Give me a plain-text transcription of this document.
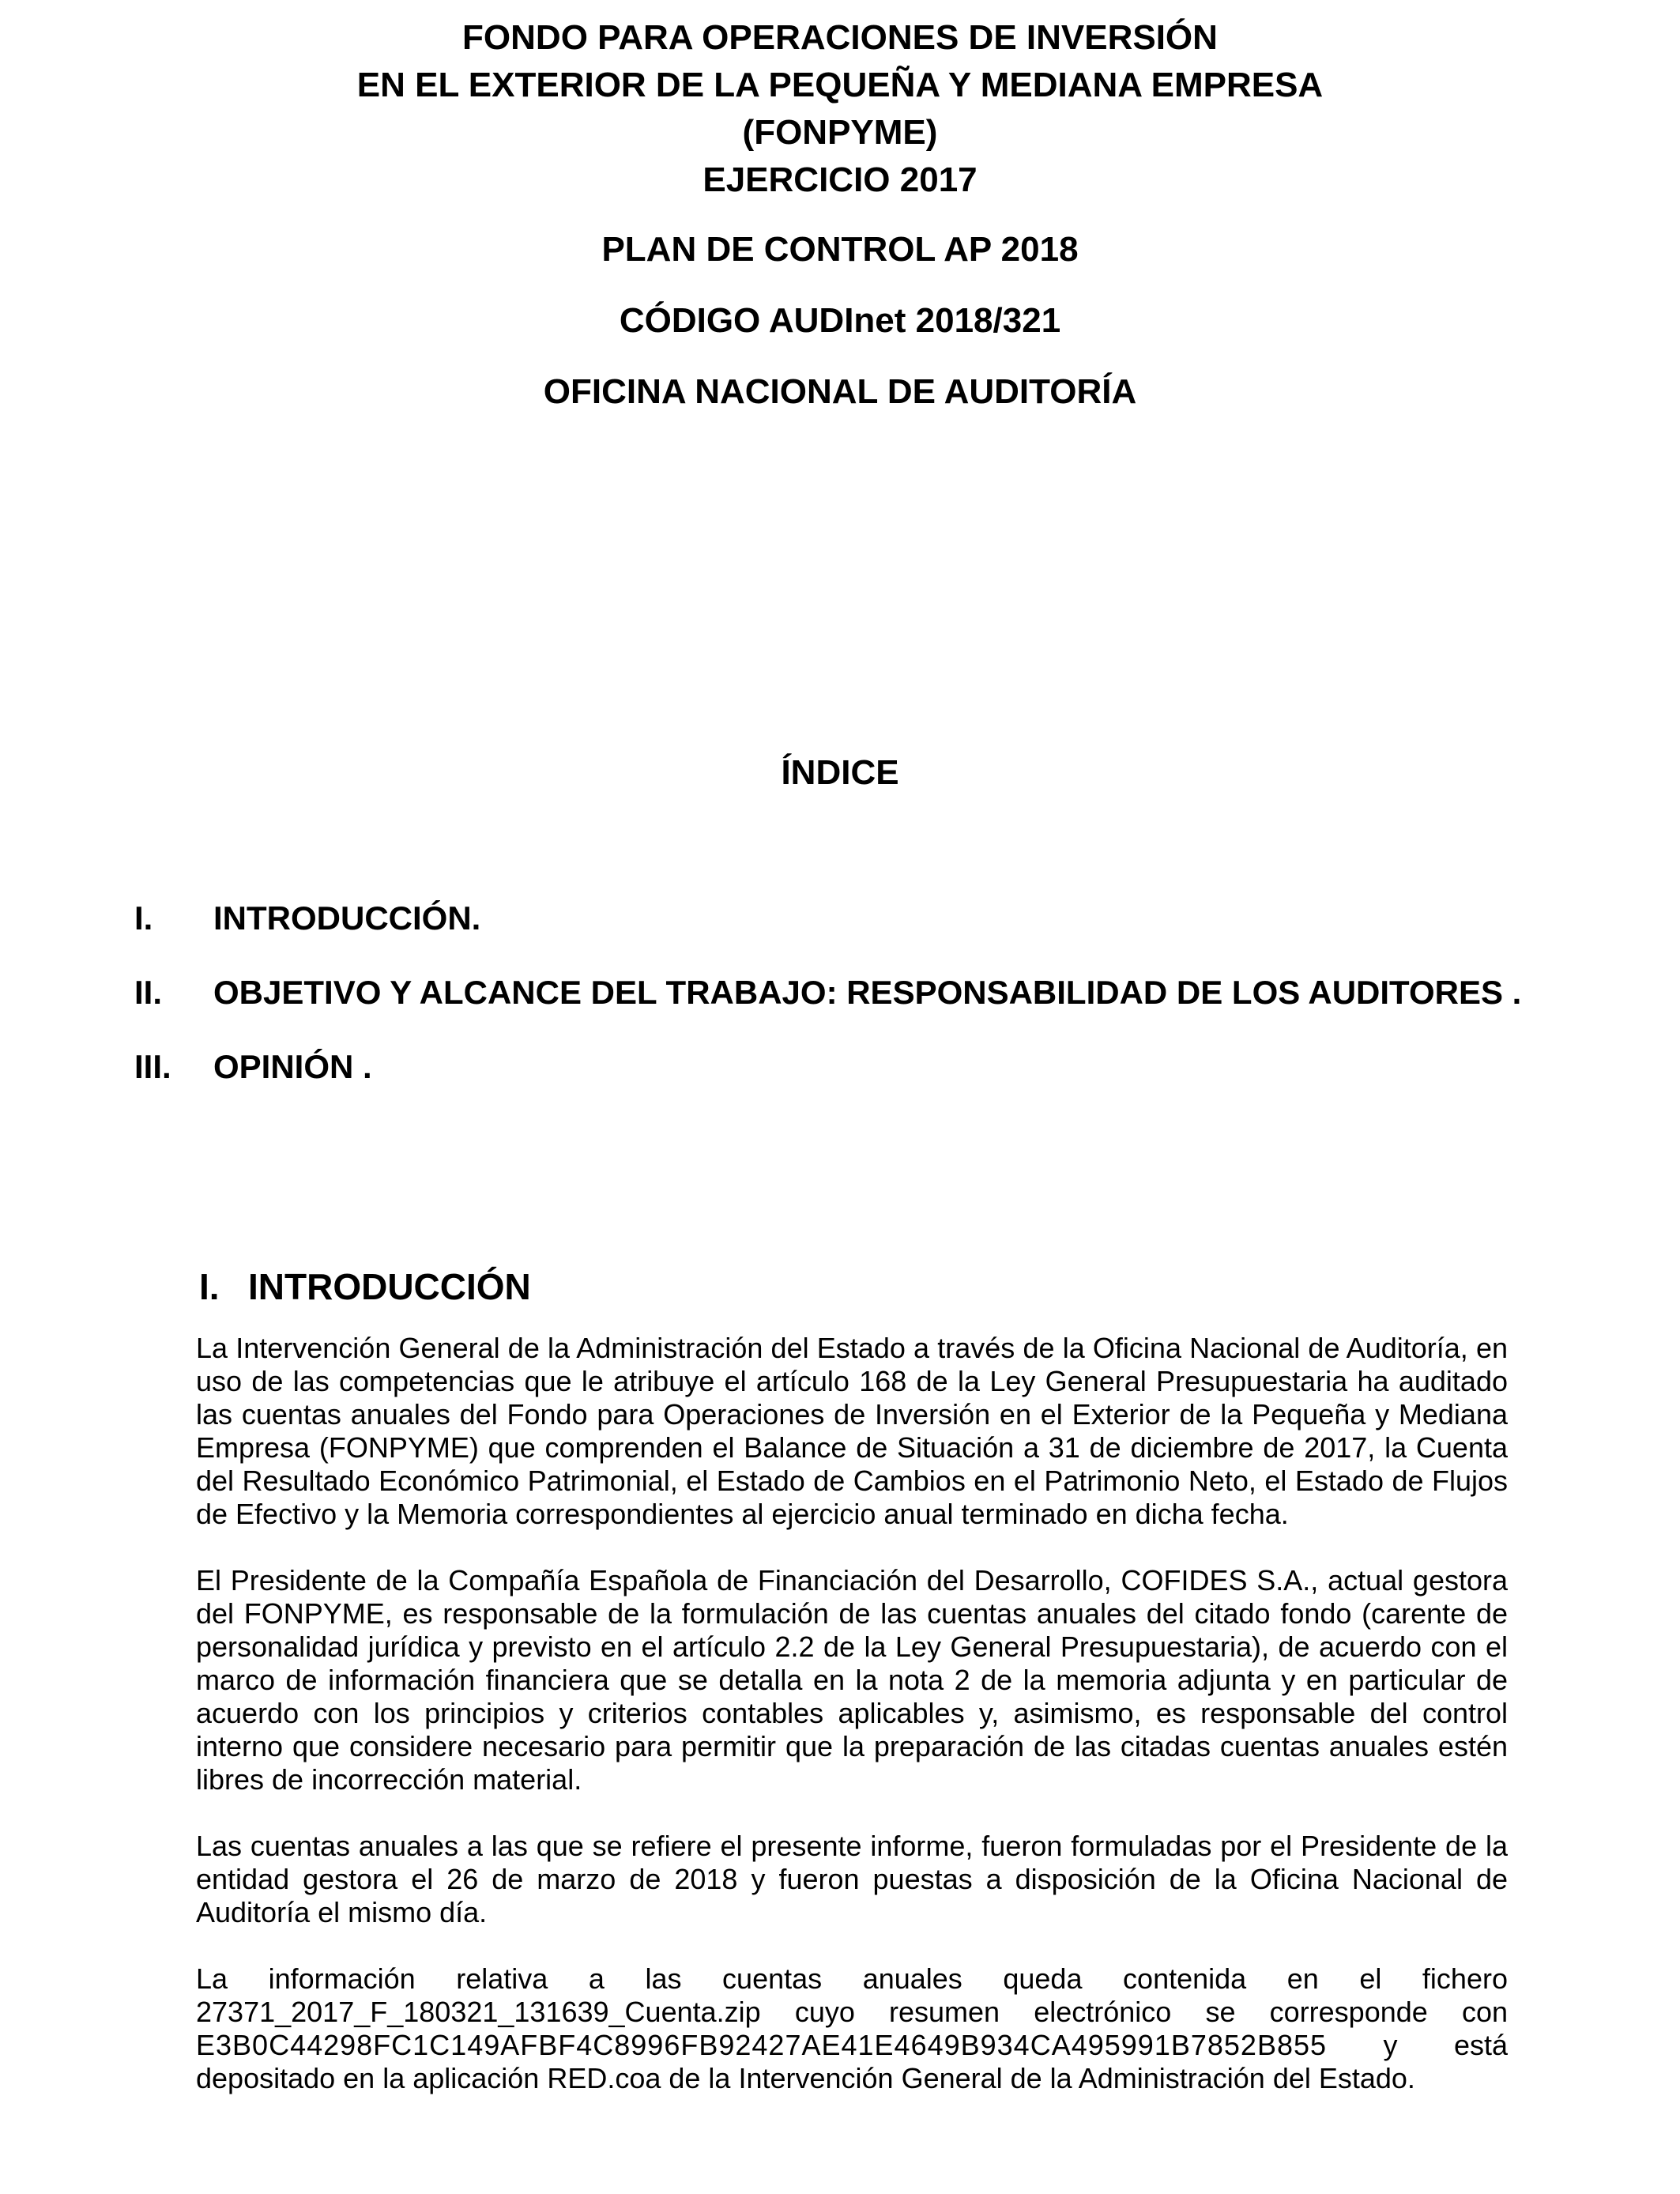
FONDO PARA OPERACIONES DE INVERSIÓN
EN EL EXTERIOR DE LA PEQUEÑA Y MEDIANA EMPRESA
(FONPYME)
EJERCICIO 2017
PLAN DE CONTROL AP 2018
CÓDIGO AUDInet 2018/321
OFICINA NACIONAL DE AUDITORÍA
ÍNDICE
I.	INTRODUCCIÓN.
II.	OBJETIVO Y ALCANCE DEL TRABAJO: RESPONSABILIDAD DE LOS AUDITORES .
III.	OPINIÓN .
I. INTRODUCCIÓN

La Intervención General de la Administración del Estado a través de la Oficina Nacional de Auditoría, en uso de las competencias que le atribuye el artículo 168 de la Ley General Presupuestaria ha auditado las cuentas anuales del Fondo para Operaciones de Inversión en el Exterior de la Pequeña y Mediana Empresa (FONPYME) que comprenden el Balance de Situación a 31 de diciembre de 2017, la Cuenta del Resultado Económico Patrimonial, el Estado de Cambios en el Patrimonio Neto, el Estado de Flujos de Efectivo y la Memoria correspondientes al ejercicio anual terminado en dicha fecha.

El Presidente de la Compañía Española de Financiación del Desarrollo, COFIDES S.A., actual gestora del FONPYME, es responsable de la formulación de las cuentas anuales del citado fondo (carente de personalidad jurídica y previsto en el artículo 2.2 de la Ley General Presupuestaria), de acuerdo con el marco de información financiera que se detalla en la nota 2 de la memoria adjunta y en particular de acuerdo con los principios y criterios contables aplicables y, asimismo, es responsable del control interno que considere necesario para permitir que la preparación de las citadas cuentas anuales estén libres de incorrección material.

Las cuentas anuales a las que se refiere el presente informe, fueron formuladas por el Presidente de la entidad gestora el 26 de marzo de 2018 y fueron puestas a disposición de la Oficina Nacional de Auditoría el mismo día.

La información relativa a las cuentas anuales queda contenida en el fichero 27371_2017_F_180321_131639_Cuenta.zip cuyo resumen electrónico se corresponde con E3B0C44298FC1C149AFBF4C8996FB92427AE41E4649B934CA495991B7852B855 y está depositado en la aplicación RED.coa de la Intervención General de la Administración del Estado.
